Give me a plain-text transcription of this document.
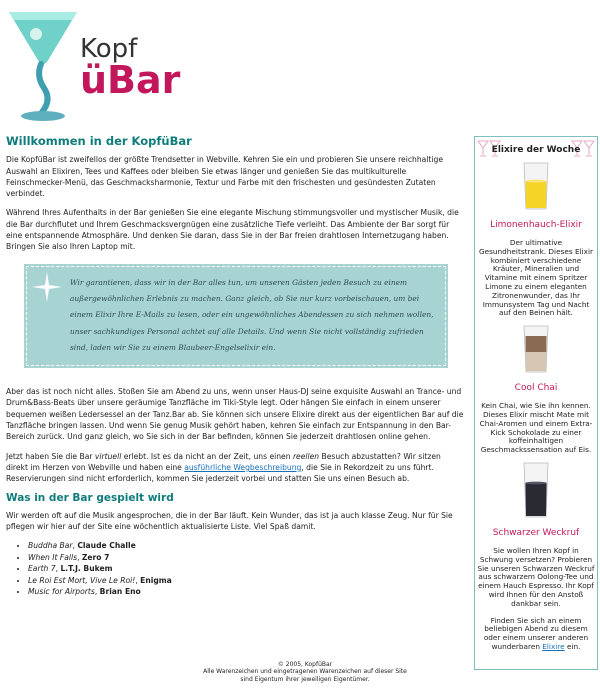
Kopf
üBar
Willkommen in der KopfüBar

Die KopfüBar ist zweifellos der größte Trendsetter in Webville. Kehren Sie ein und probieren Sie unsere reichhaltige Auswahl an Elixiren, Tees und Kaffees oder bleiben Sie etwas länger und genießen Sie das multikulturelle Feinschmecker-Menü, das Geschmacksharmonie, Textur und Farbe mit den frischesten und gesündesten Zutaten verbindet.

Während Ihres Aufenthalts in der Bar genießen Sie eine elegante Mischung stimmungsvoller und mystischer Musik, die die Bar durchflutet und Ihrem Geschmacksvergnügen eine zusätzliche Tiefe verleiht. Das Ambiente der Bar sorgt für eine entspannende Atmosphäre. Und denken Sie daran, dass Sie in der Bar freien drahtlosen Internetzugang haben. Bringen Sie also Ihren Laptop mit.

Wir garantieren, dass wir in der Bar alles tun, um unseren Gästen jeden Besuch zu einem außergewöhnlichen Erlebnis zu machen. Ganz gleich, ob Sie nur kurz vorbeischauen, um bei einem Elixir Ihre E-Mails zu lesen, oder ein ungewöhnliches Abendessen zu sich nehmen wollen, unser sachkundiges Personal achtet auf alle Details. Und wenn Sie nicht vollständig zufrieden sind, laden wir Sie zu einem Blaubeer-Engelselixir ein.

Aber das ist noch nicht alles. Stoßen Sie am Abend zu uns, wenn unser Haus-DJ seine exquisite Auswahl an Trance- und Drum&Bass-Beats über unsere geräumige Tanzfläche im Tiki-Style legt. Oder hängen Sie einfach in einem unserer bequemen weißen Ledersessel an der Tanz.Bar ab. Sie können sich unsere Elixire direkt aus der eigentlichen Bar auf die Tanzfläche bringen lassen. Und wenn Sie genug Musik gehört haben, kehren Sie einfach zur Entspannung in den Bar-Bereich zurück. Und ganz gleich, wo Sie sich in der Bar befinden, können Sie jederzeit drahtlosen online gehen.

Jetzt haben Sie die Bar virtuell erlebt. Ist es da nicht an der Zeit, uns einen reellen Besuch abzustatten? Wir sitzen direkt im Herzen von Webville und haben eine ausführliche Wegbeschreibung, die Sie in Rekordzeit zu uns führt. Reservierungen sind nicht erforderlich, kommen Sie jederzeit vorbei und statten Sie uns einen Besuch ab.

Was in der Bar gespielt wird

Wir werden oft auf die Musik angesprochen, die in der Bar läuft. Kein Wunder, das ist ja auch klasse Zeug. Nur für Sie pflegen wir hier auf der Site eine wöchentlich aktualisierte Liste. Viel Spaß damit.

• Buddha Bar, Claude Challe
• When It Falls, Zero 7
• Earth 7, L.T.J. Bukem
• Le Roi Est Mort, Vive Le Roi!, Enigma
• Music for Airports, Brian Eno
Elixire der Woche
Limonenhauch-Elixir
Der ultimative Gesundheitstrank. Dieses Elixir kombiniert verschiedene Kräuter, Mineralien und Vitamine mit einem Spritzer Limone zu einem eleganten Zitronenwunder, das Ihr Immunsystem Tag und Nacht auf den Beinen hält.
Cool Chai
Kein Chai, wie Sie ihn kennen. Dieses Elixir mischt Mate mit Chai-Aromen und einem Extra-Kick Schokolade zu einer koffeinhaltigen Geschmackssensation auf Eis.
Schwarzer Weckruf
Sie wollen Ihren Kopf in Schwung versetzen? Probieren Sie unseren Schwarzen Weckruf aus schwarzem Oolong-Tee und einem Hauch Espresso. Ihr Kopf wird Ihnen für den Anstoß dankbar sein.
Finden Sie sich an einem beliebigen Abend zu diesem oder einem unserer anderen wunderbaren Elixire ein.
© 2005, KopfüBar
Alle Warenzeichen und eingetragenen Warenzeichen auf dieser Site
sind Eigentum ihrer jeweiligen Eigentümer.
